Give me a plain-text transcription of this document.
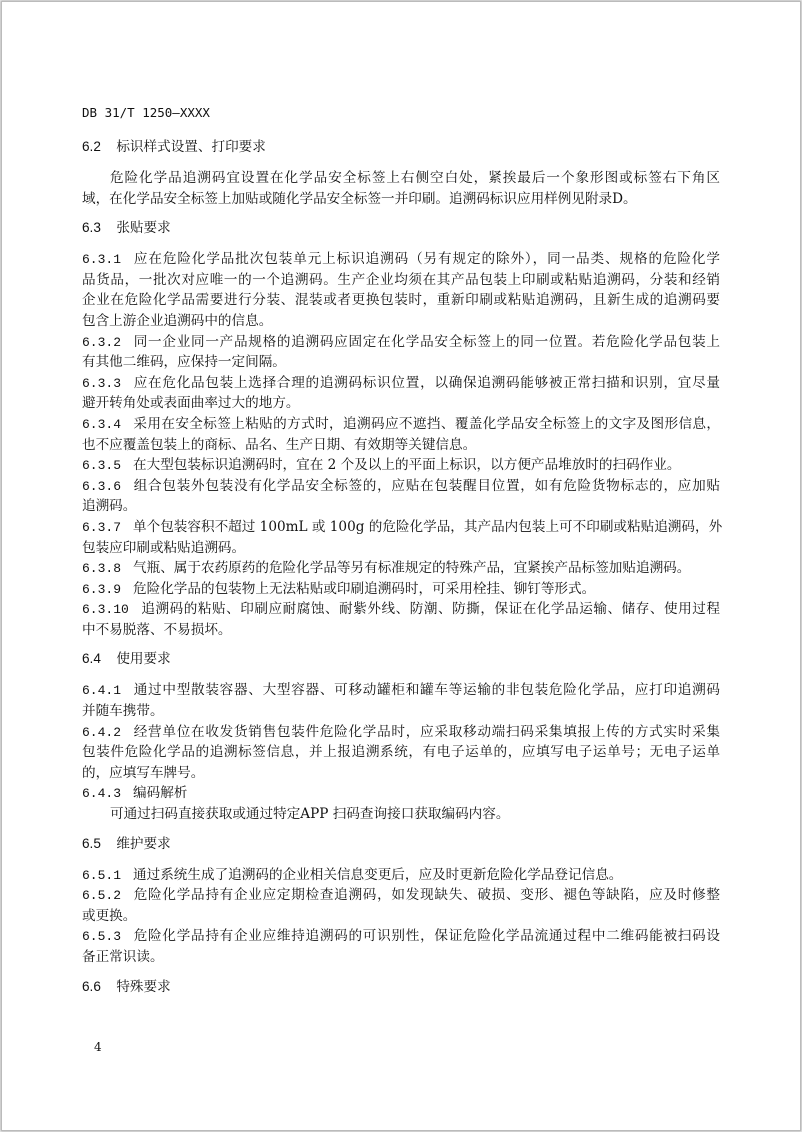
DB 31/T 1250—XXXX
6.2 标识样式设置、打印要求
危险化学品追溯码宜设置在化学品安全标签上右侧空白处，紧挨最后一个象形图或标签右下角区
域，在化学品安全标签上加贴或随化学品安全标签一并印刷。追溯码标识应用样例见附录D。
6.3 张贴要求
6.3.1 应在危险化学品批次包装单元上标识追溯码（另有规定的除外），同一品类、规格的危险化学
品货品，一批次对应唯一的一个追溯码。生产企业均须在其产品包装上印刷或粘贴追溯码，分装和经销
企业在危险化学品需要进行分装、混装或者更换包装时，重新印刷或粘贴追溯码，且新生成的追溯码要
包含上游企业追溯码中的信息。
6.3.2 同一企业同一产品规格的追溯码应固定在化学品安全标签上的同一位置。若危险化学品包装上
有其他二维码，应保持一定间隔。
6.3.3 应在危化品包装上选择合理的追溯码标识位置，以确保追溯码能够被正常扫描和识别，宜尽量
避开转角处或表面曲率过大的地方。
6.3.4 采用在安全标签上粘贴的方式时，追溯码应不遮挡、覆盖化学品安全标签上的文字及图形信息，
也不应覆盖包装上的商标、品名、生产日期、有效期等关键信息。
6.3.5 在大型包装标识追溯码时，宜在 2 个及以上的平面上标识，以方便产品堆放时的扫码作业。
6.3.6 组合包装外包装没有化学品安全标签的，应贴在包装醒目位置，如有危险货物标志的，应加贴
追溯码。
6.3.7 单个包装容积不超过 100mL 或 100g 的危险化学品，其产品内包装上可不印刷或粘贴追溯码，外
包装应印刷或粘贴追溯码。
6.3.8 气瓶、属于农药原药的危险化学品等另有标准规定的特殊产品，宜紧挨产品标签加贴追溯码。
6.3.9 危险化学品的包装物上无法粘贴或印刷追溯码时，可采用栓挂、铆钉等形式。
6.3.10 追溯码的粘贴、印刷应耐腐蚀、耐紫外线、防潮、防撕，保证在化学品运输、储存、使用过程
中不易脱落、不易损坏。
6.4 使用要求
6.4.1 通过中型散装容器、大型容器、可移动罐柜和罐车等运输的非包装危险化学品，应打印追溯码
并随车携带。
6.4.2 经营单位在收发货销售包装件危险化学品时，应采取移动端扫码采集填报上传的方式实时采集
包装件危险化学品的追溯标签信息，并上报追溯系统，有电子运单的，应填写电子运单号；无电子运单
的，应填写车牌号。
6.4.3 编码解析
可通过扫码直接获取或通过特定APP 扫码查询接口获取编码内容。
6.5 维护要求
6.5.1 通过系统生成了追溯码的企业相关信息变更后，应及时更新危险化学品登记信息。
6.5.2 危险化学品持有企业应定期检查追溯码，如发现缺失、破损、变形、褪色等缺陷，应及时修整
或更换。
6.5.3 危险化学品持有企业应维持追溯码的可识别性，保证危险化学品流通过程中二维码能被扫码设
备正常识读。
6.6 特殊要求
4
